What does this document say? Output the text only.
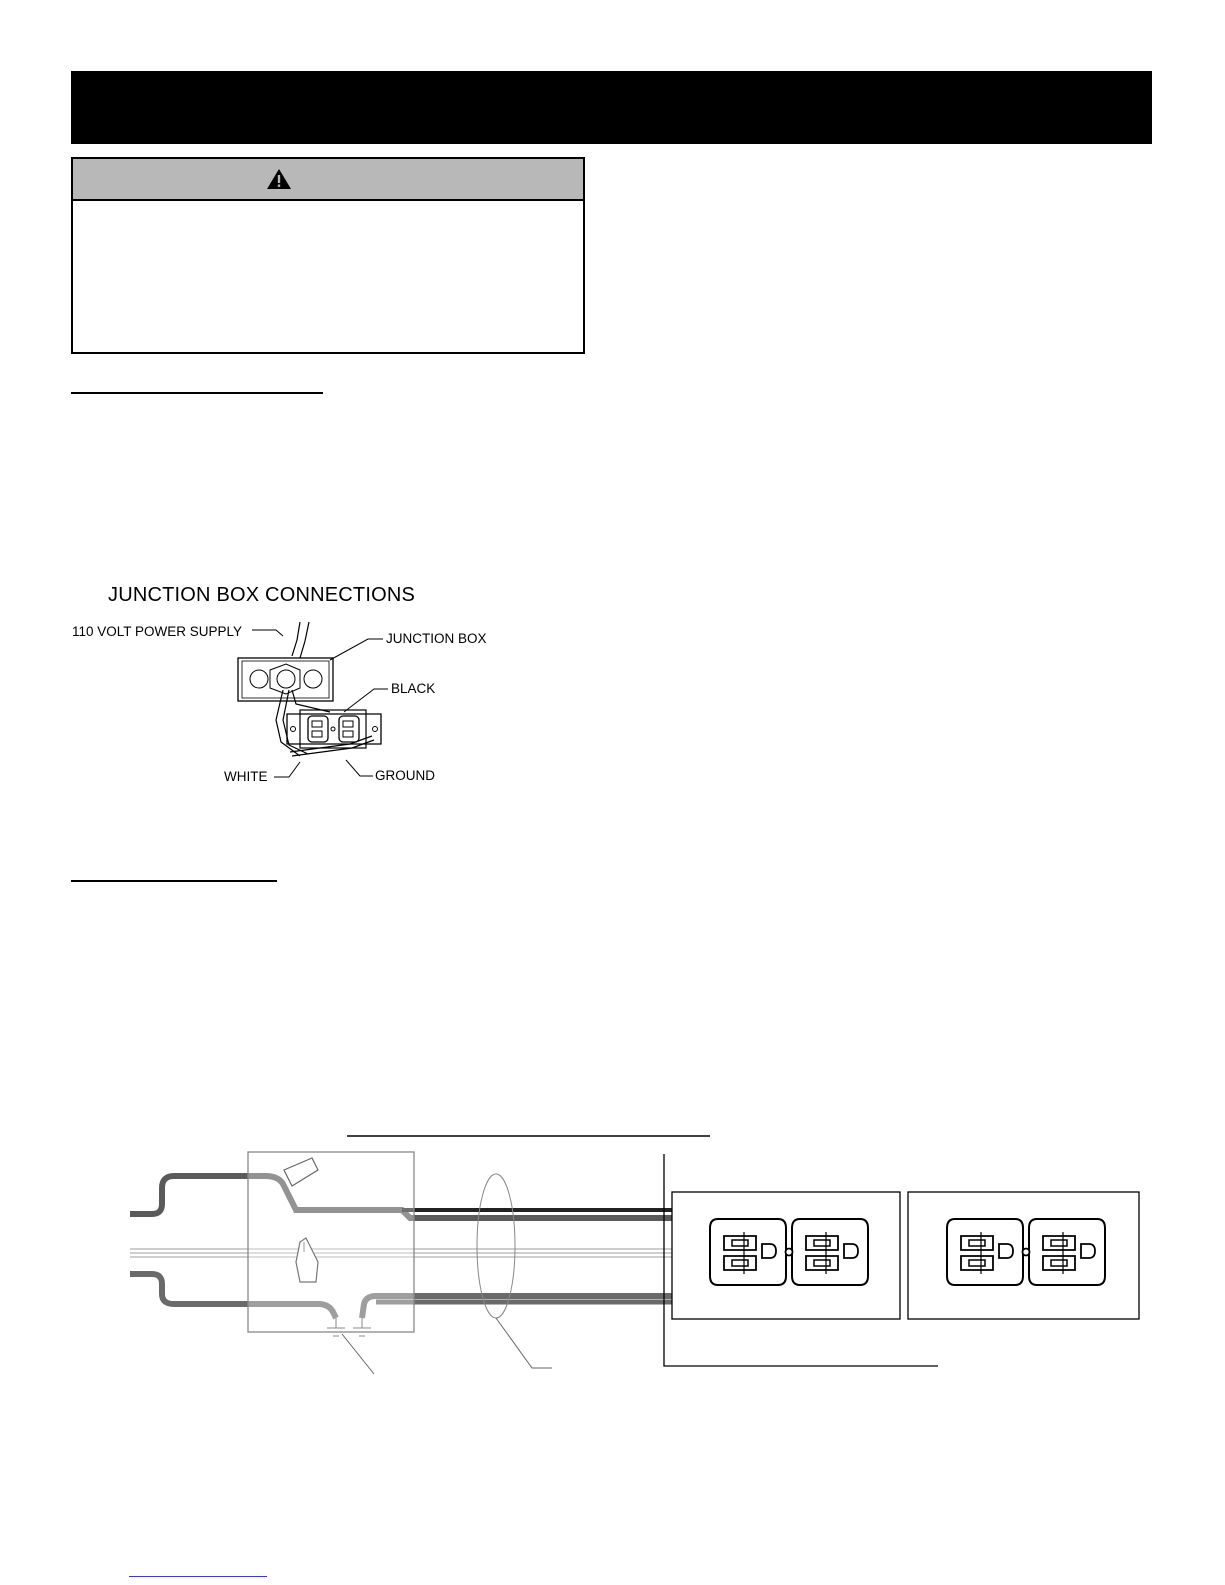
JUNCTION BOX CONNECTIONS
110 VOLT POWER SUPPLY	JUNCTION BOX
BLACK
WHITE	GROUND
